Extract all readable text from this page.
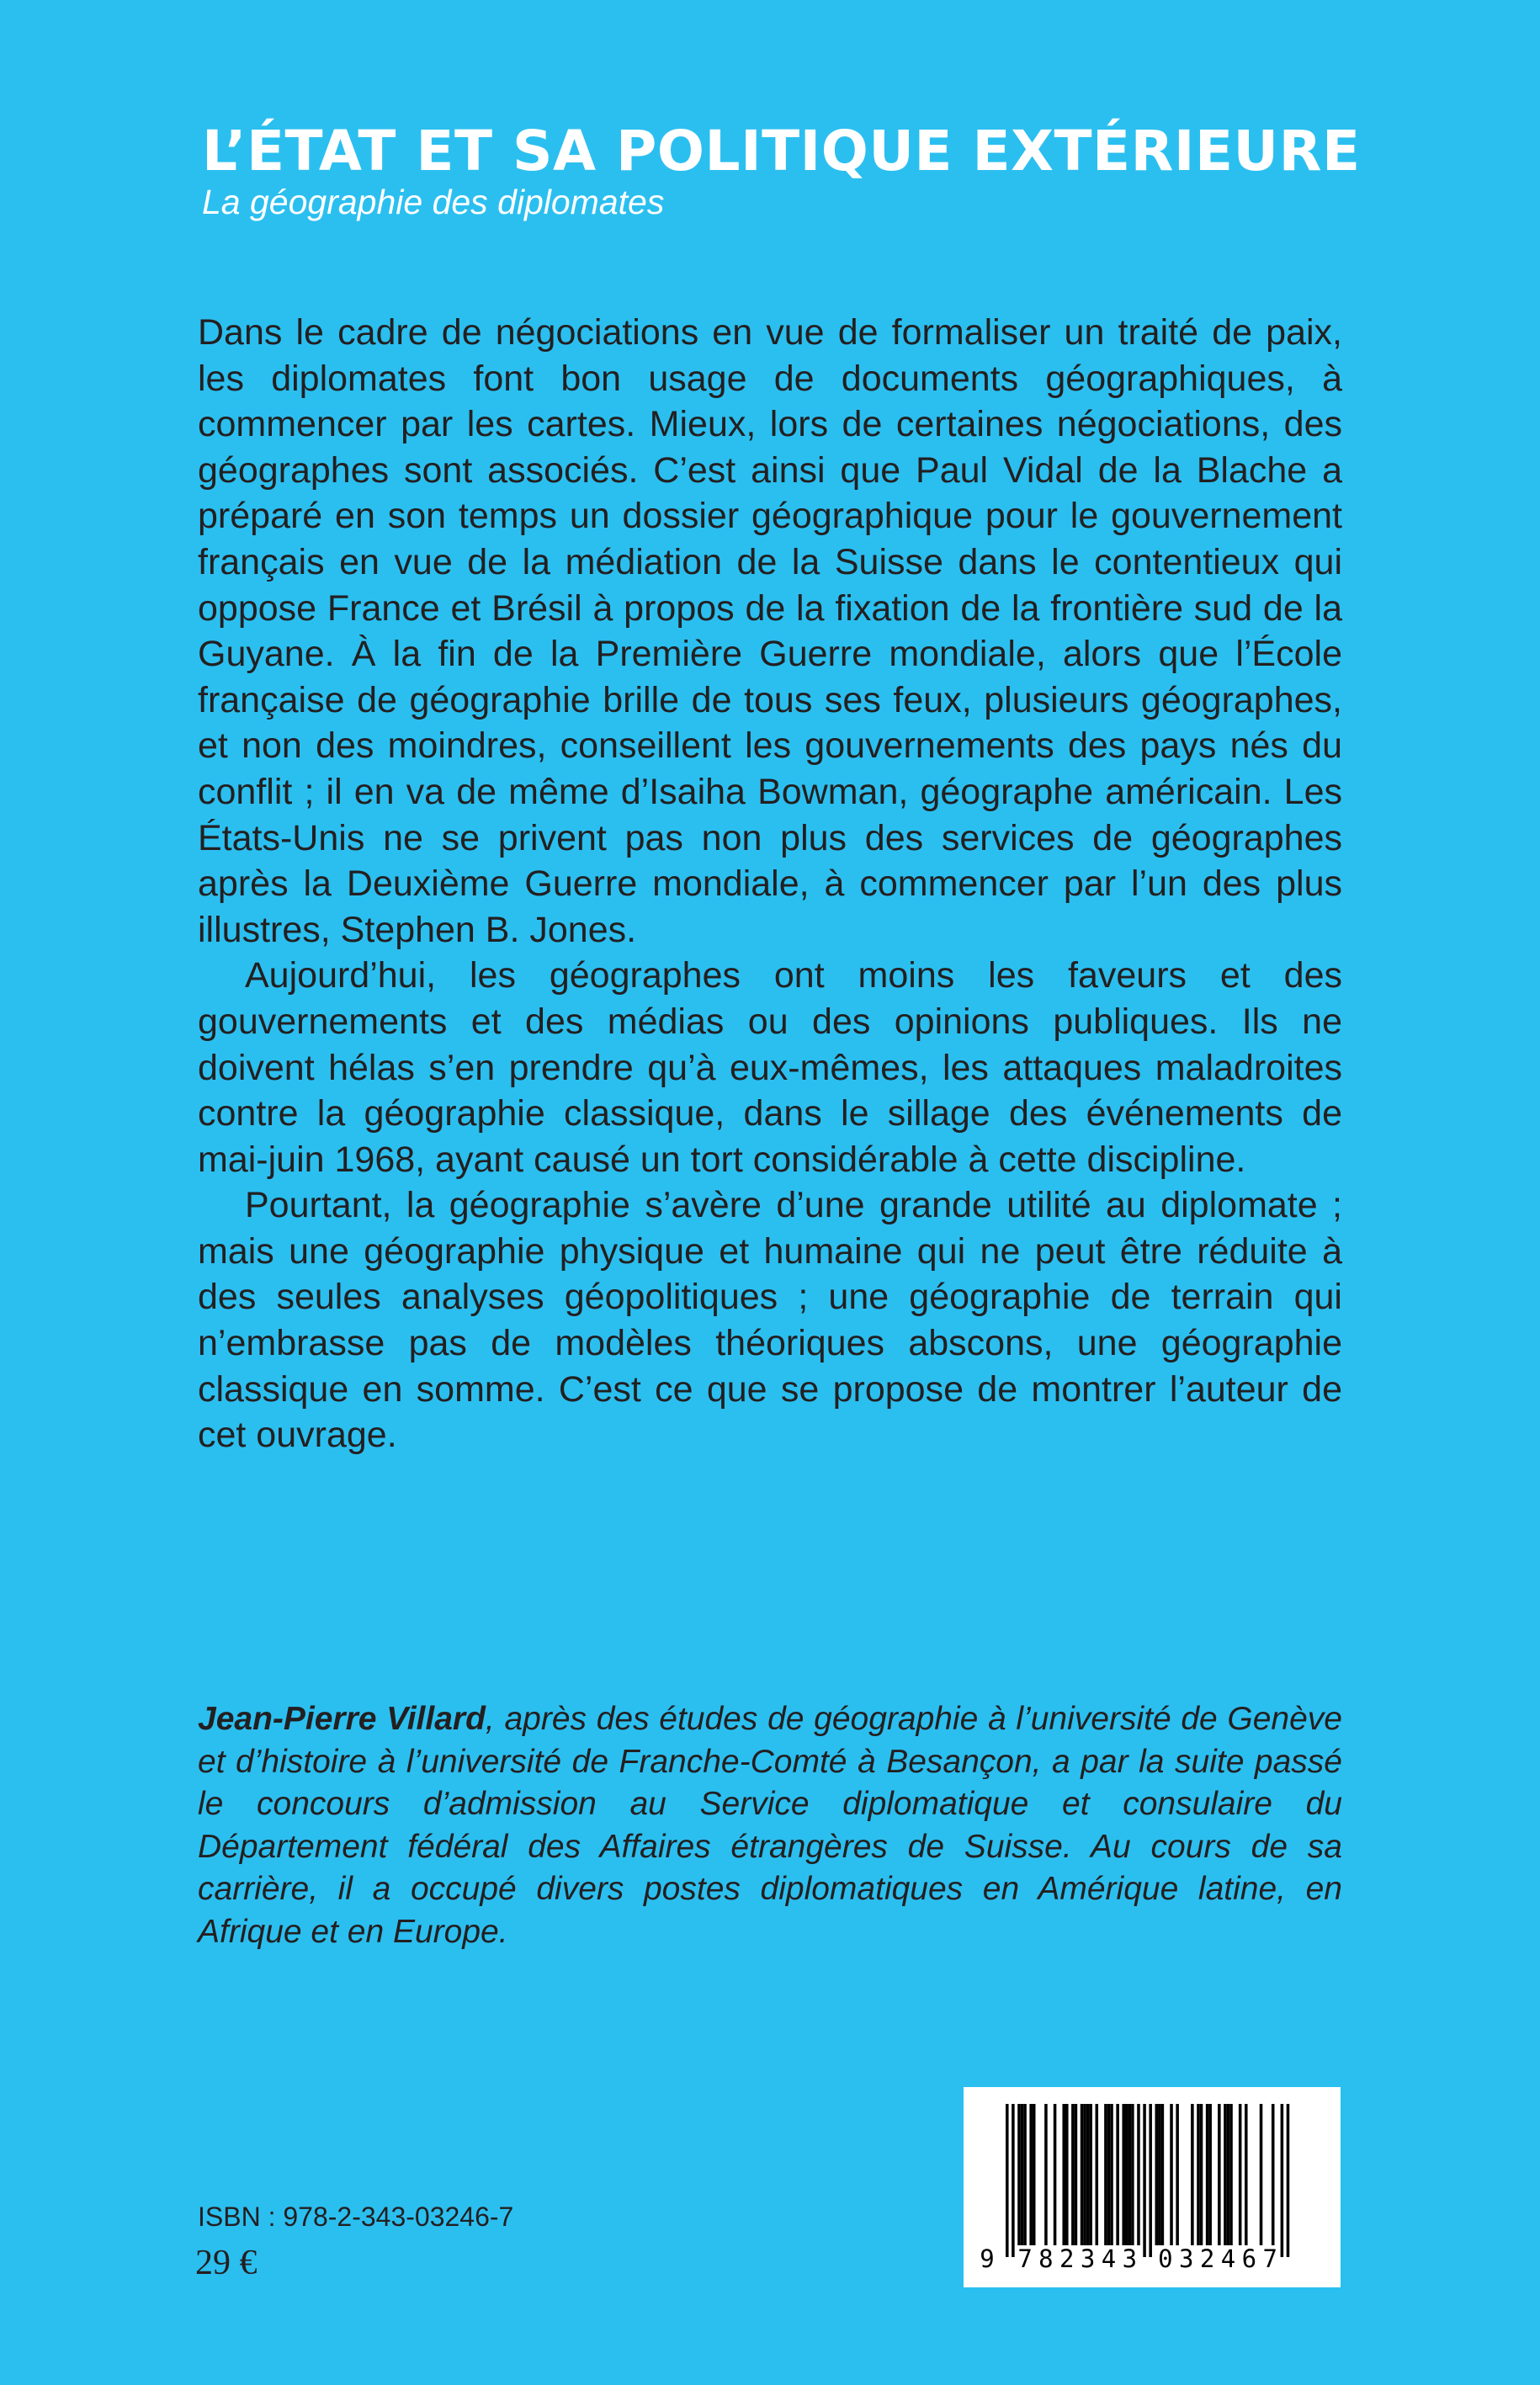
L’ÉTAT ET SA POLITIQUE EXTÉRIEURE

La géographie des diplomates

Dans le cadre de négociations en vue de formaliser un traité de paix, les diplomates font bon usage de documents géographiques, à commencer par les cartes. Mieux, lors de certaines négociations, des géographes sont associés. C’est ainsi que Paul Vidal de la Blache a préparé en son temps un dossier géographique pour le gouvernement français en vue de la médiation de la Suisse dans le contentieux qui oppose France et Brésil à propos de la fixation de la frontière sud de la Guyane. À la fin de la Première Guerre mondiale, alors que l’École française de géographie brille de tous ses feux, plusieurs géographes, et non des moindres, conseillent les gouvernements des pays nés du conflit ; il en va de même d’Isaiha Bowman, géographe américain. Les États-Unis ne se privent pas non plus des services de géographes après la Deuxième Guerre mondiale, à commencer par l’un des plus illustres, Stephen B. Jones.

Aujourd’hui, les géographes ont moins les faveurs et des gouvernements et des médias ou des opinions publiques. Ils ne doivent hélas s’en prendre qu’à eux-mêmes, les attaques maladroites contre la géographie classique, dans le sillage des événements de mai-juin 1968, ayant causé un tort considérable à cette discipline.

Pourtant, la géographie s’avère d’une grande utilité au diplomate ; mais une géographie physique et humaine qui ne peut être réduite à des seules analyses géopolitiques ; une géographie de terrain qui n’embrasse pas de modèles théoriques abscons, une géographie classique en somme. C’est ce que se propose de montrer l’auteur de cet ouvrage.

Jean-Pierre Villard, après des études de géographie à l’université de Genève et d’histoire à l’université de Franche-Comté à Besançon, a par la suite passé le concours d’admission au Service diplomatique et consulaire du Département fédéral des Affaires étrangères de Suisse. Au cours de sa carrière, il a occupé divers postes diplomatiques en Amérique latine, en Afrique et en Europe.
9 7 8 2 3 4 3 0 3 2 4 6 7

ISBN : 978-2-343-03246-7

29 €
